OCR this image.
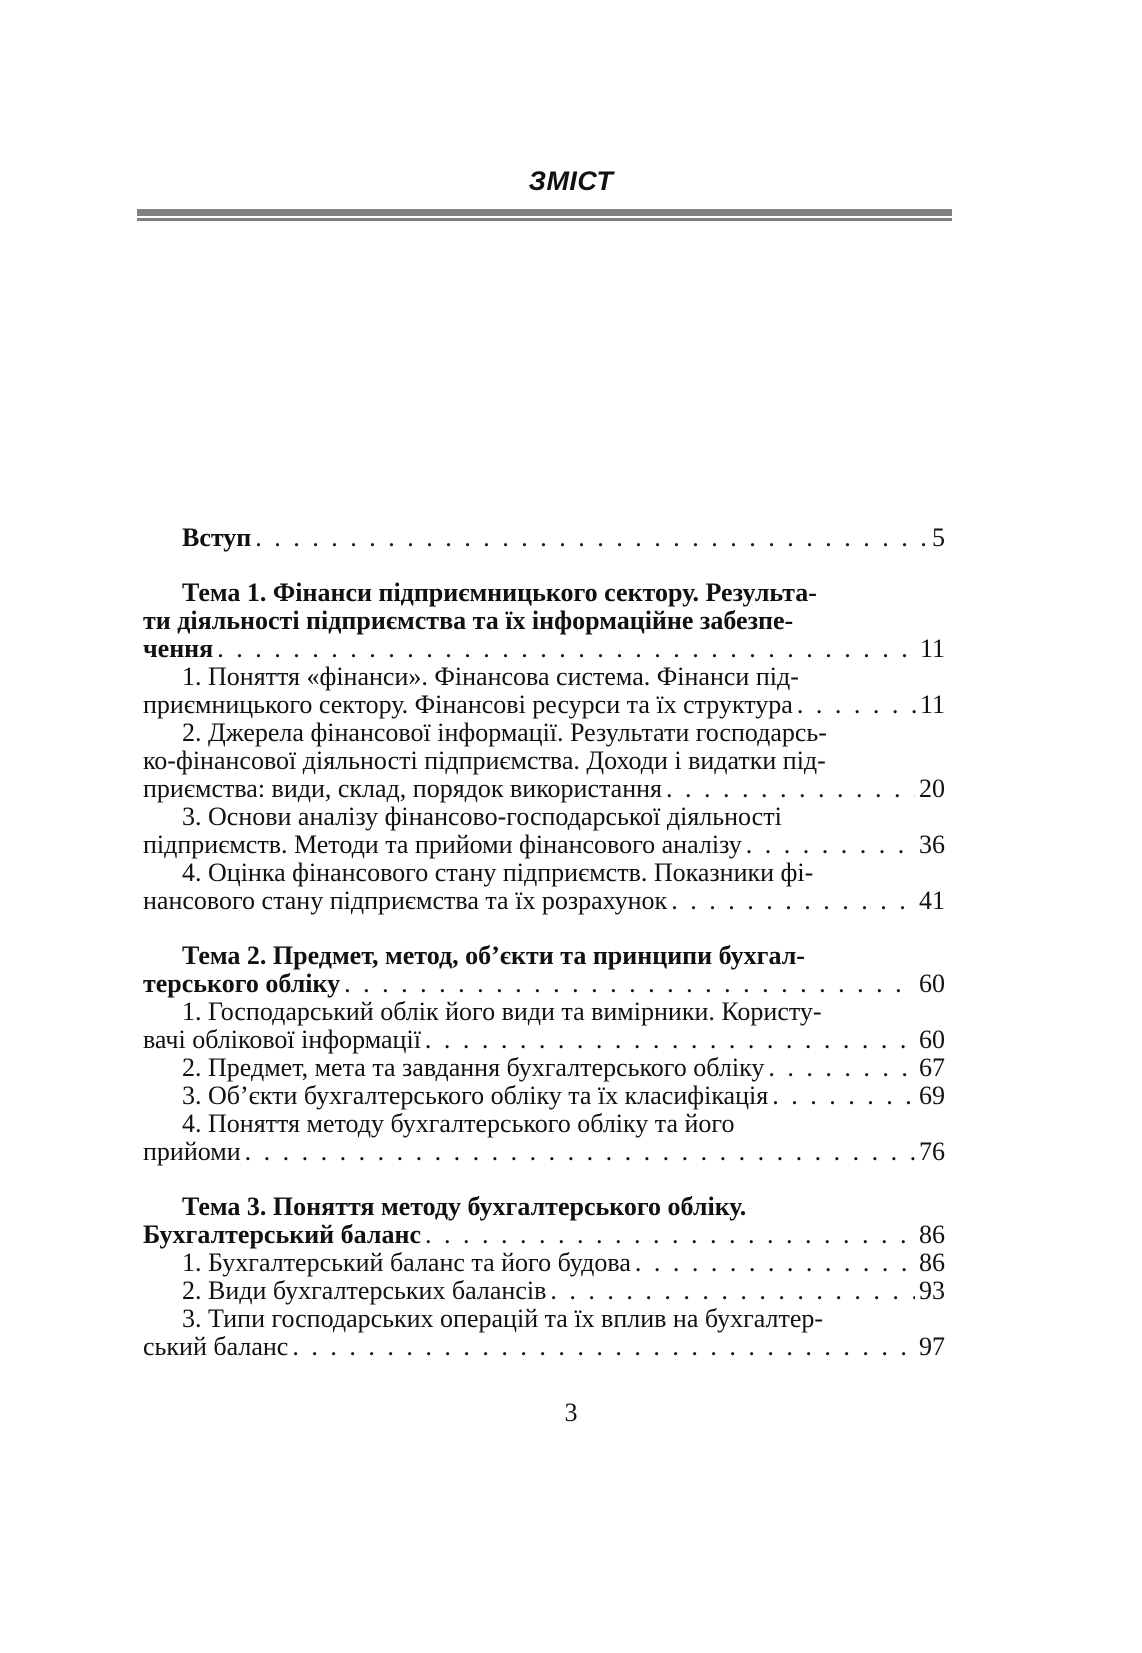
ЗМІСТ
Вступ . . .	5
Тема 1. Фінанси підприємницького сектору. Результа-
ти діяльності підприємства та їх інформаційне забезпе-
чення . . .	11
1. Поняття «фінанси». Фінансова система. Фінанси під-
приємницького сектору. Фінансові ресурси та їх структура . . .	11
2. Джерела фінансової інформації. Результати господарсь-
ко-фінансової діяльності підприємства. Доходи і видатки під-
приємства: види, склад, порядок використання . . .	20
3. Основи аналізу фінансово-господарської діяльності
підприємств. Методи та прийоми фінансового аналізу . . .	36
4. Оцінка фінансового стану підприємств. Показники фі-
нансового стану підприємства та їх розрахунок . . .	41
Тема 2. Предмет, метод, об’єкти та принципи бухгал-
терського обліку . . .	60
1. Господарський облік його види та вимірники. Користу-
вачі облікової інформації . . .	60
2. Предмет, мета та завдання бухгалтерського обліку . . .	67
3. Об’єкти бухгалтерського обліку та їх класифікація . . .	69
4. Поняття методу бухгалтерського обліку та його
прийоми . . .	76
Тема 3. Поняття методу бухгалтерського обліку.
Бухгалтерський баланс . . .	86
1. Бухгалтерський баланс та його будова . . .	86
2. Види бухгалтерських балансів . . .	93
3. Типи господарських операцій та їх вплив на бухгалтер-
ський баланс . . .	97
3
